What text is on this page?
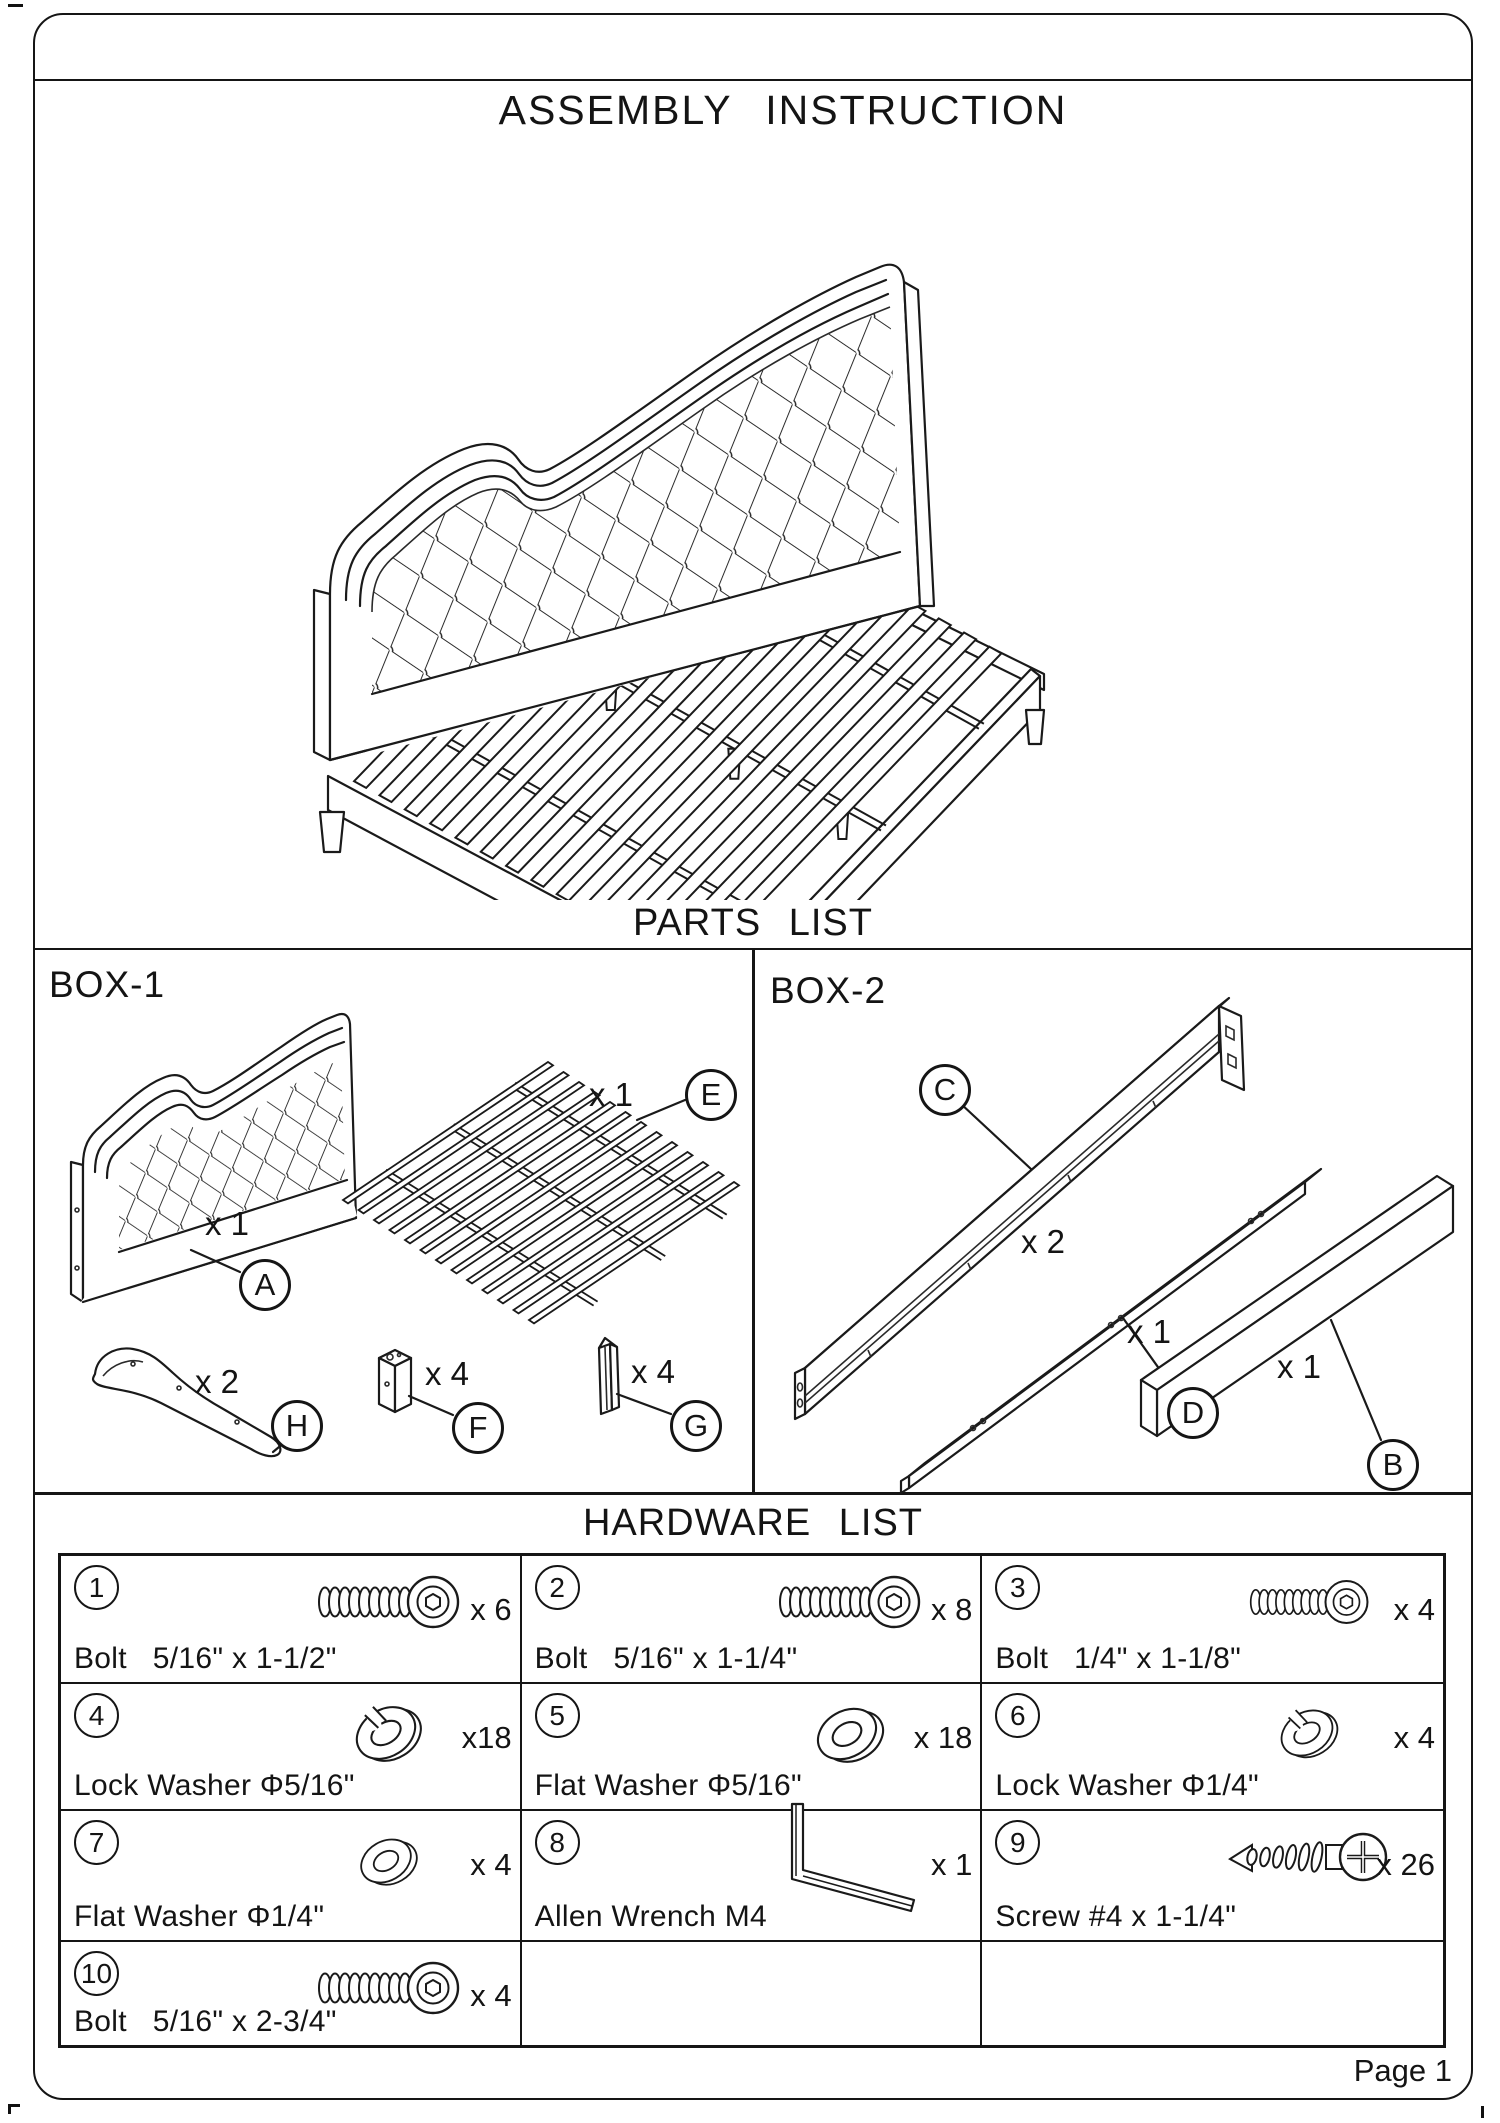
ASSEMBLY INSTRUCTION
PARTS LIST
BOX-1	BOX-2
x 1
A
x 1	E
x 2
H
x 4
F
x 4
G
x 2
C
x 1
D
x 1
B
HARDWARE LIST
1
x 6
Bolt   5/16" x 1-1/2"
2
x 8
Bolt   5/16" x 1-1/4"
3
x 4
Bolt   1/4" x 1-1/8"
4
x18
Lock Washer Φ5/16"
5
x 18
Flat Washer Φ5/16"
6
x 4
Lock Washer Φ1/4"
7
x 4
Flat Washer Φ1/4"
8
x 1
Allen Wrench M4
9
x 26
Screw #4 x 1-1/4"
10
x 4
Bolt   5/16" x 2-3/4"
Page 1
